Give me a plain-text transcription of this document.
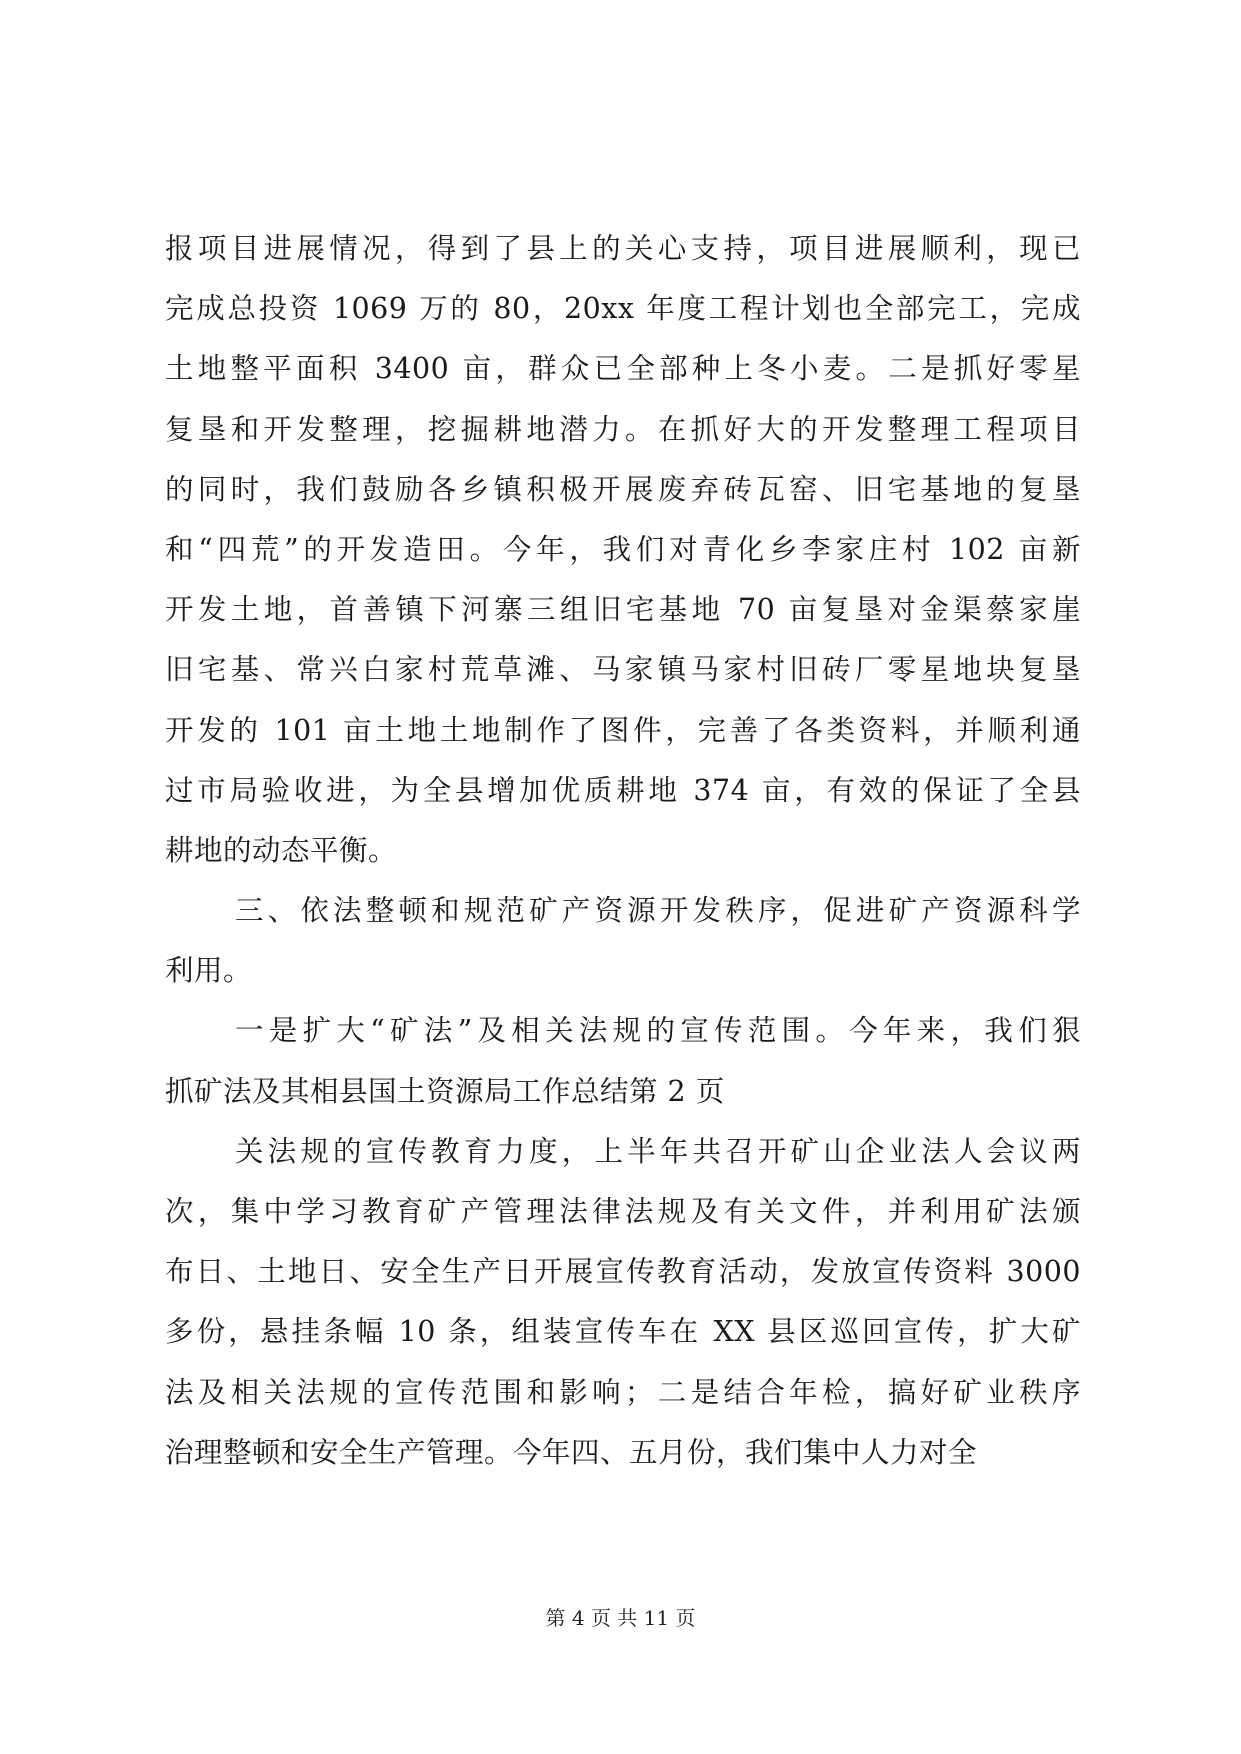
报项目进展情况，得到了县上的关心支持，项目进展顺利，现已
完成总投资 1069 万的 80，20xx 年度工程计划也全部完工，完成
土地整平面积 3400 亩，群众已全部种上冬小麦。二是抓好零星
复垦和开发整理，挖掘耕地潜力。在抓好大的开发整理工程项目
的同时，我们鼓励各乡镇积极开展废弃砖瓦窑、旧宅基地的复垦
和“四荒”的开发造田。今年，我们对青化乡李家庄村 102 亩新
开发土地，首善镇下河寨三组旧宅基地 70 亩复垦对金渠蔡家崖
旧宅基、常兴白家村荒草滩、马家镇马家村旧砖厂零星地块复垦
开发的 101 亩土地土地制作了图件，完善了各类资料，并顺利通
过市局验收进，为全县增加优质耕地 374 亩，有效的保证了全县
耕地的动态平衡。
三、依法整顿和规范矿产资源开发秩序，促进矿产资源科学
利用。
一是扩大“矿法”及相关法规的宣传范围。今年来，我们狠
抓矿法及其相县国土资源局工作总结第 2 页
关法规的宣传教育力度，上半年共召开矿山企业法人会议两
次，集中学习教育矿产管理法律法规及有关文件，并利用矿法颁
布日、土地日、安全生产日开展宣传教育活动，发放宣传资料 3000
多份，悬挂条幅 10 条，组装宣传车在 XX 县区巡回宣传，扩大矿
法及相关法规的宣传范围和影响；二是结合年检，搞好矿业秩序
治理整顿和安全生产管理。今年四、五月份，我们集中人力对全
第 4 页 共 11 页
